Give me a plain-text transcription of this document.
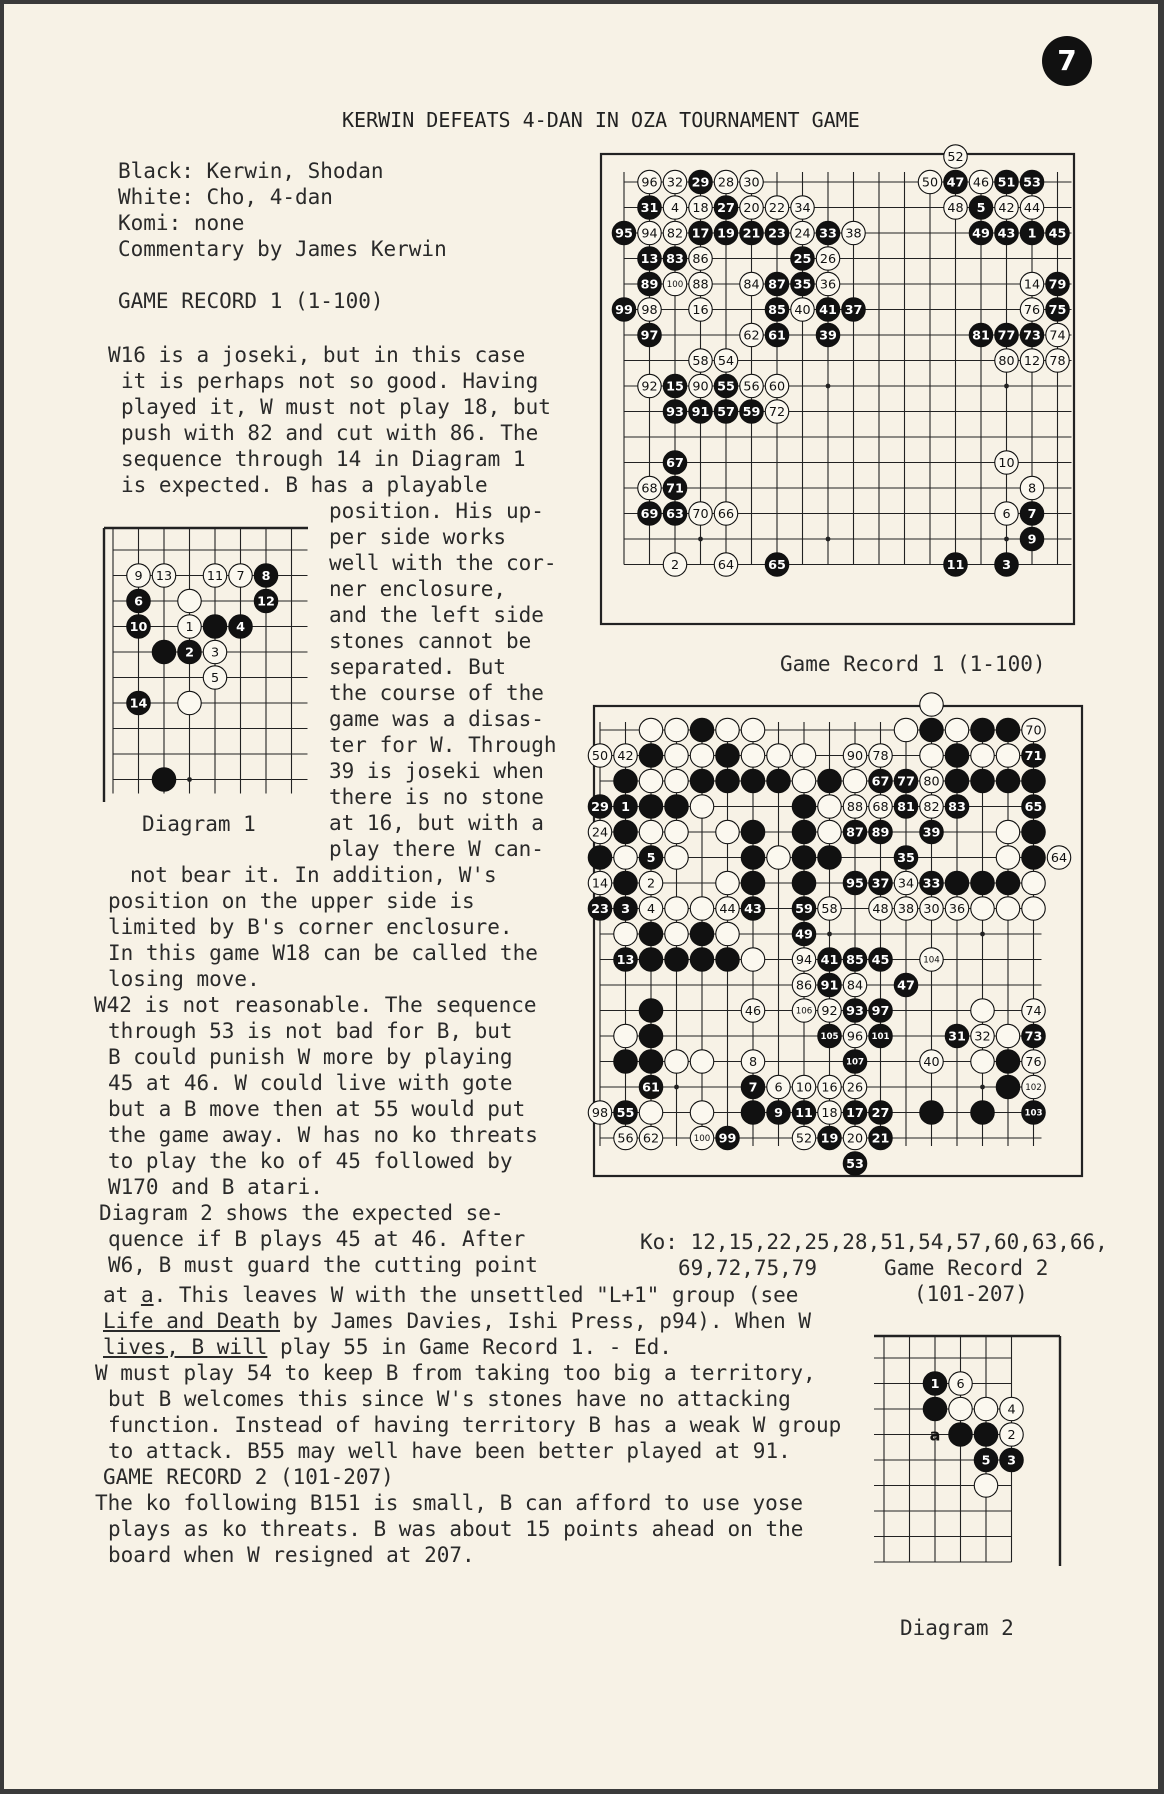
7
KERWIN DEFEATS 4-DAN IN OZA TOURNAMENT GAME
Black: Kerwin, Shodan
White: Cho, 4-dan
Komi: none
Commentary by James Kerwin
GAME RECORD 1 (1-100)
W16 is a joseki, but in this case
it is perhaps not so good. Having
played it, W must not play 18, but
push with 82 and cut with 86. The
sequence through 14 in Diagram 1
is expected. B has a playable
position. His up-
per side works
well with the cor-
ner enclosure,
and the left side
stones cannot be
separated. But
the course of the
game was a disas-
ter for W. Through
39 is joseki when
there is no stone
at 16, but with a
play there W can-
not bear it. In addition, W's
position on the upper side is
limited by B's corner enclosure.
In this game W18 can be called the
losing move.
W42 is not reasonable. The sequence
through 53 is not bad for B, but
B could punish W more by playing
45 at 46. W could live with gote
but a B move then at 55 would put
the game away. W has no ko threats
to play the ko of 45 followed by
W170 and B atari.
Diagram 2 shows the expected se-
quence if B plays 45 at 46. After
W6, B must guard the cutting point
at a. This leaves W with the unsettled "L+1" group (see
Life and Death by James Davies, Ishi Press, p94). When W
lives, B will play 55 in Game Record 1. - Ed.
W must play 54 to keep B from taking too big a territory,
but B welcomes this since W's stones have no attacking
function. Instead of having territory B has a weak W group
to attack. B55 may well have been better played at 91.
GAME RECORD 2 (101-207)
The ko following B151 is small, B can afford to use yose
plays as ko threats. B was about 15 points ahead on the
board when W resigned at 207.
52
96 32 29 28 30	50 47 46 51 53
31 4 18 27 20 22 34	48 5 42 44
95 94 82 17 19 21 23 24 33 38	49 43 1 45
13 83 86	25 26
89 100 88	84 87 35 36	14 79
99 98	16	85 40 41 37	76 75
97	62 61	39	81 77 73 74
58 54	80 12 78
92 15 90 55 56 60
93 91 57 59 72
67	10
68 71	8
69 63 70 66	6 7
9
2	64	65	11	3
Game Record 1 (1-100)
9 13	11 7 8
6	12
10	1	4
2 3
5
14
Diagram 1
70
50 42	90 78	71
67 77 80
29 1	88 68 81 82 83	65
24	87 89	39
5	35	64
14	2	95 37 34 33
23 3 4	44 43	59 58	48 38 30 36
49
13	94 41 85 45	104
86 91 84	47
46	106 92 93 97	74
105 96 101	31 32	73
8	107	40	76
61	7 6 10 16 26	102
98 55	9 11 18 17 27	103
56 62	100 99	52 19 20 21
53
Ko: 12,15,22,25,28,51,54,57,60,63,66,
69,72,75,79	Game Record 2
(101-207)
1 6
4
2
5 3
a
Diagram 2
